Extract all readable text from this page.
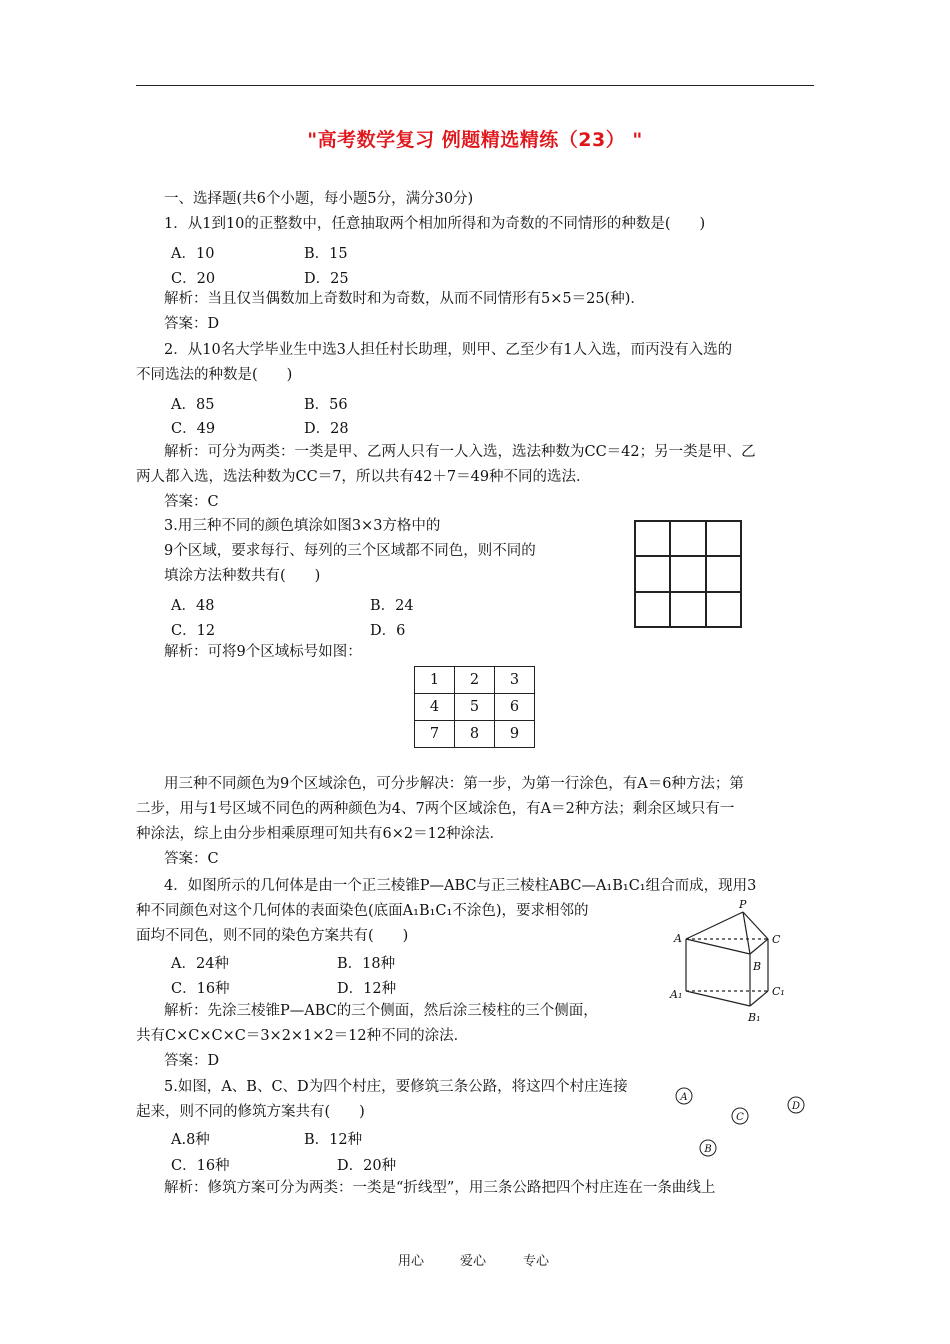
"高考数学复习 例题精选精练（23） "
一、选择题(共6个小题，每小题5分，满分30分)
1．从1到10的正整数中，任意抽取两个相加所得和为奇数的不同情形的种数是(　　)
A．10	B．15
C．20	D．25
解析：当且仅当偶数加上奇数时和为奇数，从而不同情形有5×5＝25(种)．
答案：D
2．从10名大学毕业生中选3人担任村长助理，则甲、乙至少有1人入选，而丙没有入选的
不同选法的种数是(　　)
A．85	B．56
C．49	D．28
解析：可分为两类：一类是甲、乙两人只有一人入选，选法种数为CC＝42；另一类是甲、乙
两人都入选，选法种数为CC＝7，所以共有42＋7＝49种不同的选法．
答案：C
3.用三种不同的颜色填涂如图3×3方格中的
9个区域，要求每行、每列的三个区域都不同色，则不同的
填涂方法种数共有(　　)
A．48	B．24
C．12	D．6
解析：可将9个区域标号如图：
1	2	3
4	5	6
7	8	9
用三种不同颜色为9个区域涂色，可分步解决：第一步，为第一行涂色，有A＝6种方法；第
二步，用与1号区域不同色的两种颜色为4、7两个区域涂色，有A＝2种方法；剩余区域只有一
种涂法，综上由分步相乘原理可知共有6×2＝12种涂法．
答案：C
4．如图所示的几何体是由一个正三棱锥P—ABC与正三棱柱ABC—A₁B₁C₁组合而成，现用3
种不同颜色对这个几何体的表面染色(底面A₁B₁C₁不涂色)，要求相邻的
面均不同色，则不同的染色方案共有(　　)
A．24种	B．18种
C．16种	D．12种
解析：先涂三棱锥P—ABC的三个侧面，然后涂三棱柱的三个侧面，
共有C×C×C×C＝3×2×1×2＝12种不同的涂法．
答案：D
P
A	C
B
A₁	C₁
B₁
5.如图，A、B、C、D为四个村庄，要修筑三条公路，将这四个村庄连接
起来，则不同的修筑方案共有(　　)
A.8种	B．12种
C．16种	D．20种
解析：修筑方案可分为两类：一类是“折线型”，用三条公路把四个村庄连在一条曲线上
A
C
D
B
用心	爱心	专心
